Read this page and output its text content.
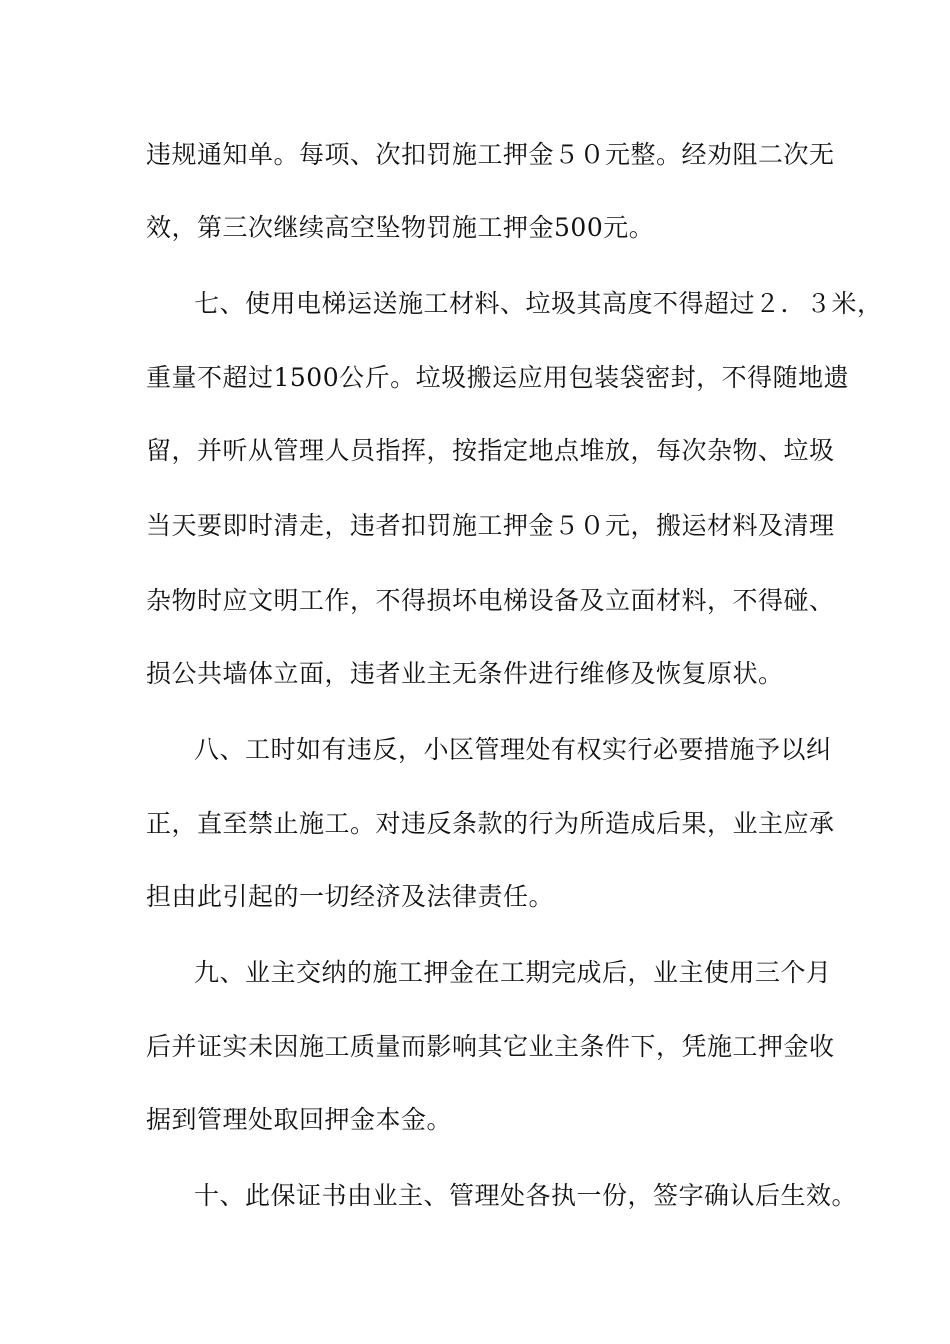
违规通知单。每项、次扣罚施工押金５０元整。经劝阻二次无
效，第三次继续高空坠物罚施工押金500元。
七、使用电梯运送施工材料、垃圾其高度不得超过２．３米，
重量不超过1500公斤。垃圾搬运应用包装袋密封，不得随地遗
留，并听从管理人员指挥，按指定地点堆放，每次杂物、垃圾
当天要即时清走，违者扣罚施工押金５０元，搬运材料及清理
杂物时应文明工作，不得损坏电梯设备及立面材料，不得碰、
损公共墙体立面，违者业主无条件进行维修及恢复原状。
八、工时如有违反，小区管理处有权实行必要措施予以纠
正，直至禁止施工。对违反条款的行为所造成后果，业主应承
担由此引起的一切经济及法律责任。
九、业主交纳的施工押金在工期完成后，业主使用三个月
后并证实未因施工质量而影响其它业主条件下，凭施工押金收
据到管理处取回押金本金。
十、此保证书由业主、管理处各执一份，签字确认后生效。
